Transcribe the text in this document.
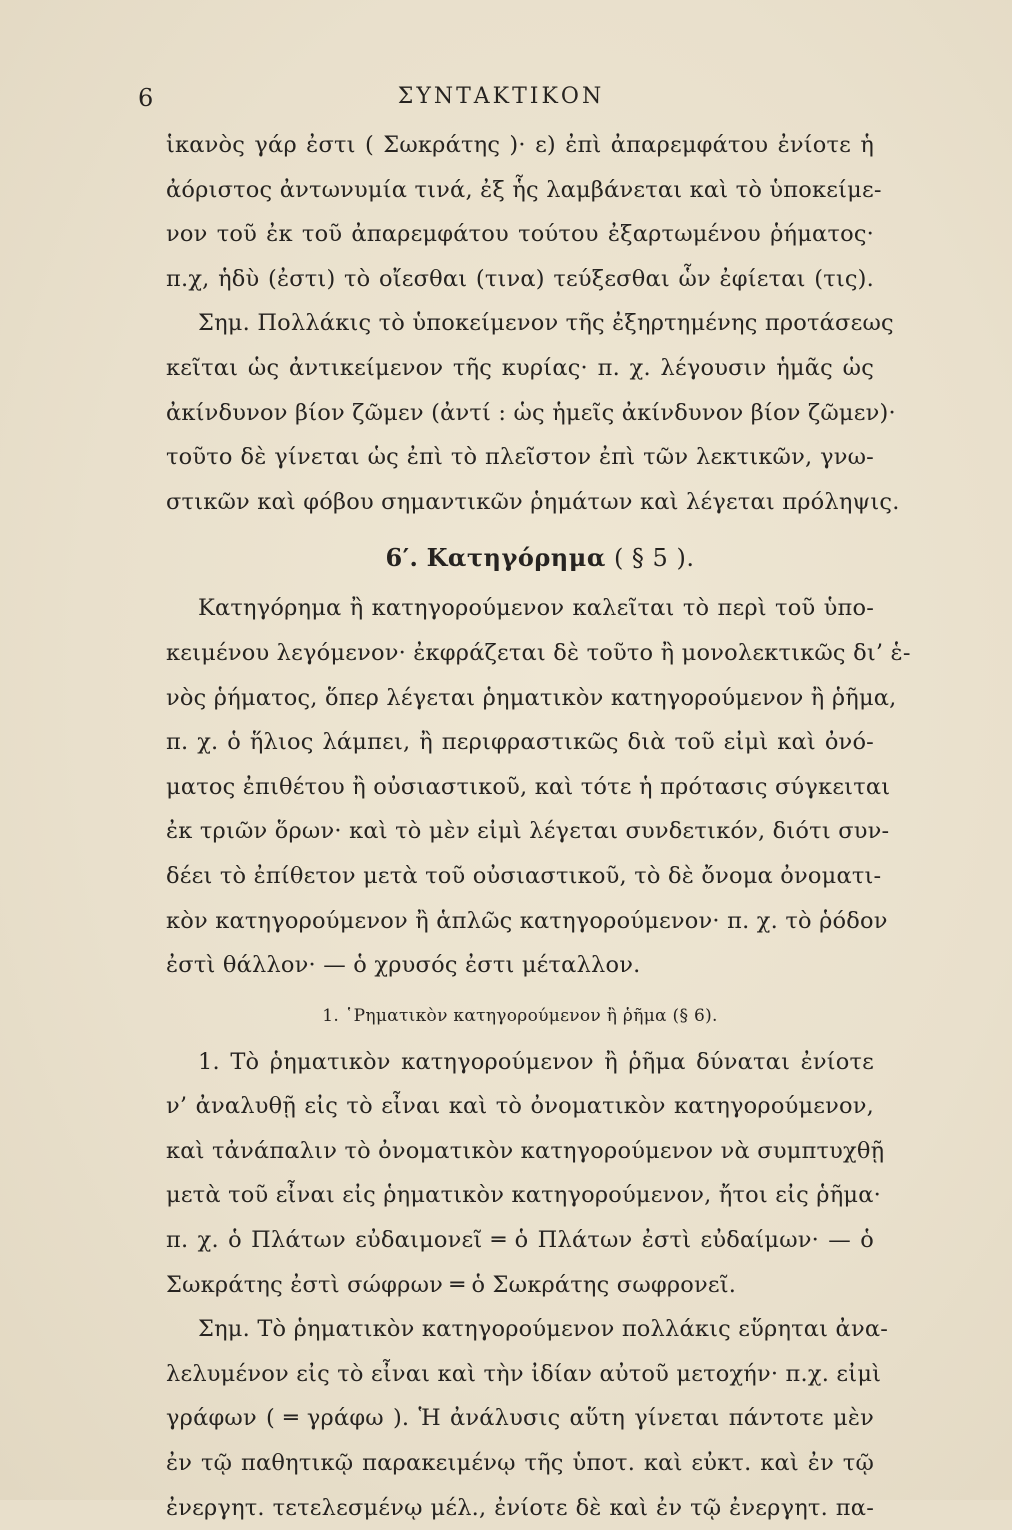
6	ΣΥΝΤΑΚΤΙΚΟΝ
ἱκανὸς γάρ ἐστι ( Σωκράτης )· ε) ἐπὶ ἀπαρεμφάτου ἐνίοτε ἡ
ἀόριστος ἀντωνυμία τινά, ἐξ ἧς λαμβάνεται καὶ τὸ ὑποκείμε-
νον τοῦ ἐκ τοῦ ἀπαρεμφάτου τούτου ἐξαρτωμένου ῥήματος·
π.χ, ἡδὺ (ἐστι) τὸ οἴεσθαι (τινα) τεύξεσθαι ὧν ἐφίεται (τις).
Σημ. Πολλάκις τὸ ὑποκείμενον τῆς ἐξηρτημένης προτάσεως
κεῖται ὡς ἀντικείμενον τῆς κυρίας· π. χ. λέγουσιν ἡμᾶς ὡς
ἀκίνδυνον βίον ζῶμεν (ἀντί : ὡς ἡμεῖς ἀκίνδυνον βίον ζῶμεν)·
τοῦτο δὲ γίνεται ὡς ἐπὶ τὸ πλεῖστον ἐπὶ τῶν λεκτικῶν, γνω-
στικῶν καὶ φόβου σημαντικῶν ῥημάτων καὶ λέγεται πρόληψις.
6′. Κατηγόρημα ( § 5 ).
Κατηγόρημα ἢ κατηγορούμενον καλεῖται τὸ περὶ τοῦ ὑπο-
κειμένου λεγόμενον· ἐκφράζεται δὲ τοῦτο ἢ μονολεκτικῶς δι’ ἑ-
νὸς ῥήματος, ὅπερ λέγεται ῥηματικὸν κατηγορούμενον ἢ ῥῆμα,
π. χ. ὁ ἥλιος λάμπει, ἢ περιφραστικῶς διὰ τοῦ εἰμὶ καὶ ὀνό-
ματος ἐπιθέτου ἢ οὐσιαστικοῦ, καὶ τότε ἡ πρότασις σύγκειται
ἐκ τριῶν ὅρων· καὶ τὸ μὲν εἰμὶ λέγεται συνδετικόν, διότι συν-
δέει τὸ ἐπίθετον μετὰ τοῦ οὐσιαστικοῦ, τὸ δὲ ὄνομα ὀνοματι-
κὸν κατηγορούμενον ἢ ἁπλῶς κατηγορούμενον· π. χ. τὸ ῥόδον
ἐστὶ θάλλον· — ὁ χρυσός ἐστι μέταλλον.
1. ῾Ρηματικὸν κατηγορούμενον ἢ ῥῆμα (§ 6).
1. Τὸ ῥηματικὸν κατηγορούμενον ἢ ῥῆμα δύναται ἐνίοτε
ν’ ἀναλυθῇ εἰς τὸ εἶναι καὶ τὸ ὀνοματικὸν κατηγορούμενον,
καὶ τἀνάπαλιν τὸ ὀνοματικὸν κατηγορούμενον νὰ συμπτυχθῇ
μετὰ τοῦ εἶναι εἰς ῥηματικὸν κατηγορούμενον, ἤτοι εἰς ῥῆμα·
π. χ. ὁ Πλάτων εὐδαιμονεῖ ═ ὁ Πλάτων ἐστὶ εὐδαίμων· — ὁ
Σωκράτης ἐστὶ σώφρων ═ ὁ Σωκράτης σωφρονεῖ.
Σημ. Τὸ ῥηματικὸν κατηγορούμενον πολλάκις εὕρηται ἀνα-
λελυμένον εἰς τὸ εἶναι καὶ τὴν ἰδίαν αὐτοῦ μετοχήν· π.χ. εἰμὶ
γράφων ( ═ γράφω ). Ἡ ἀνάλυσις αὕτη γίνεται πάντοτε μὲν
ἐν τῷ παθητικῷ παρακειμένῳ τῆς ὑποτ. καὶ εὐκτ. καὶ ἐν τῷ
ἐνεργητ. τετελεσμένῳ μέλ., ἐνίοτε δὲ καὶ ἐν τῷ ἐνεργητ. πα-
